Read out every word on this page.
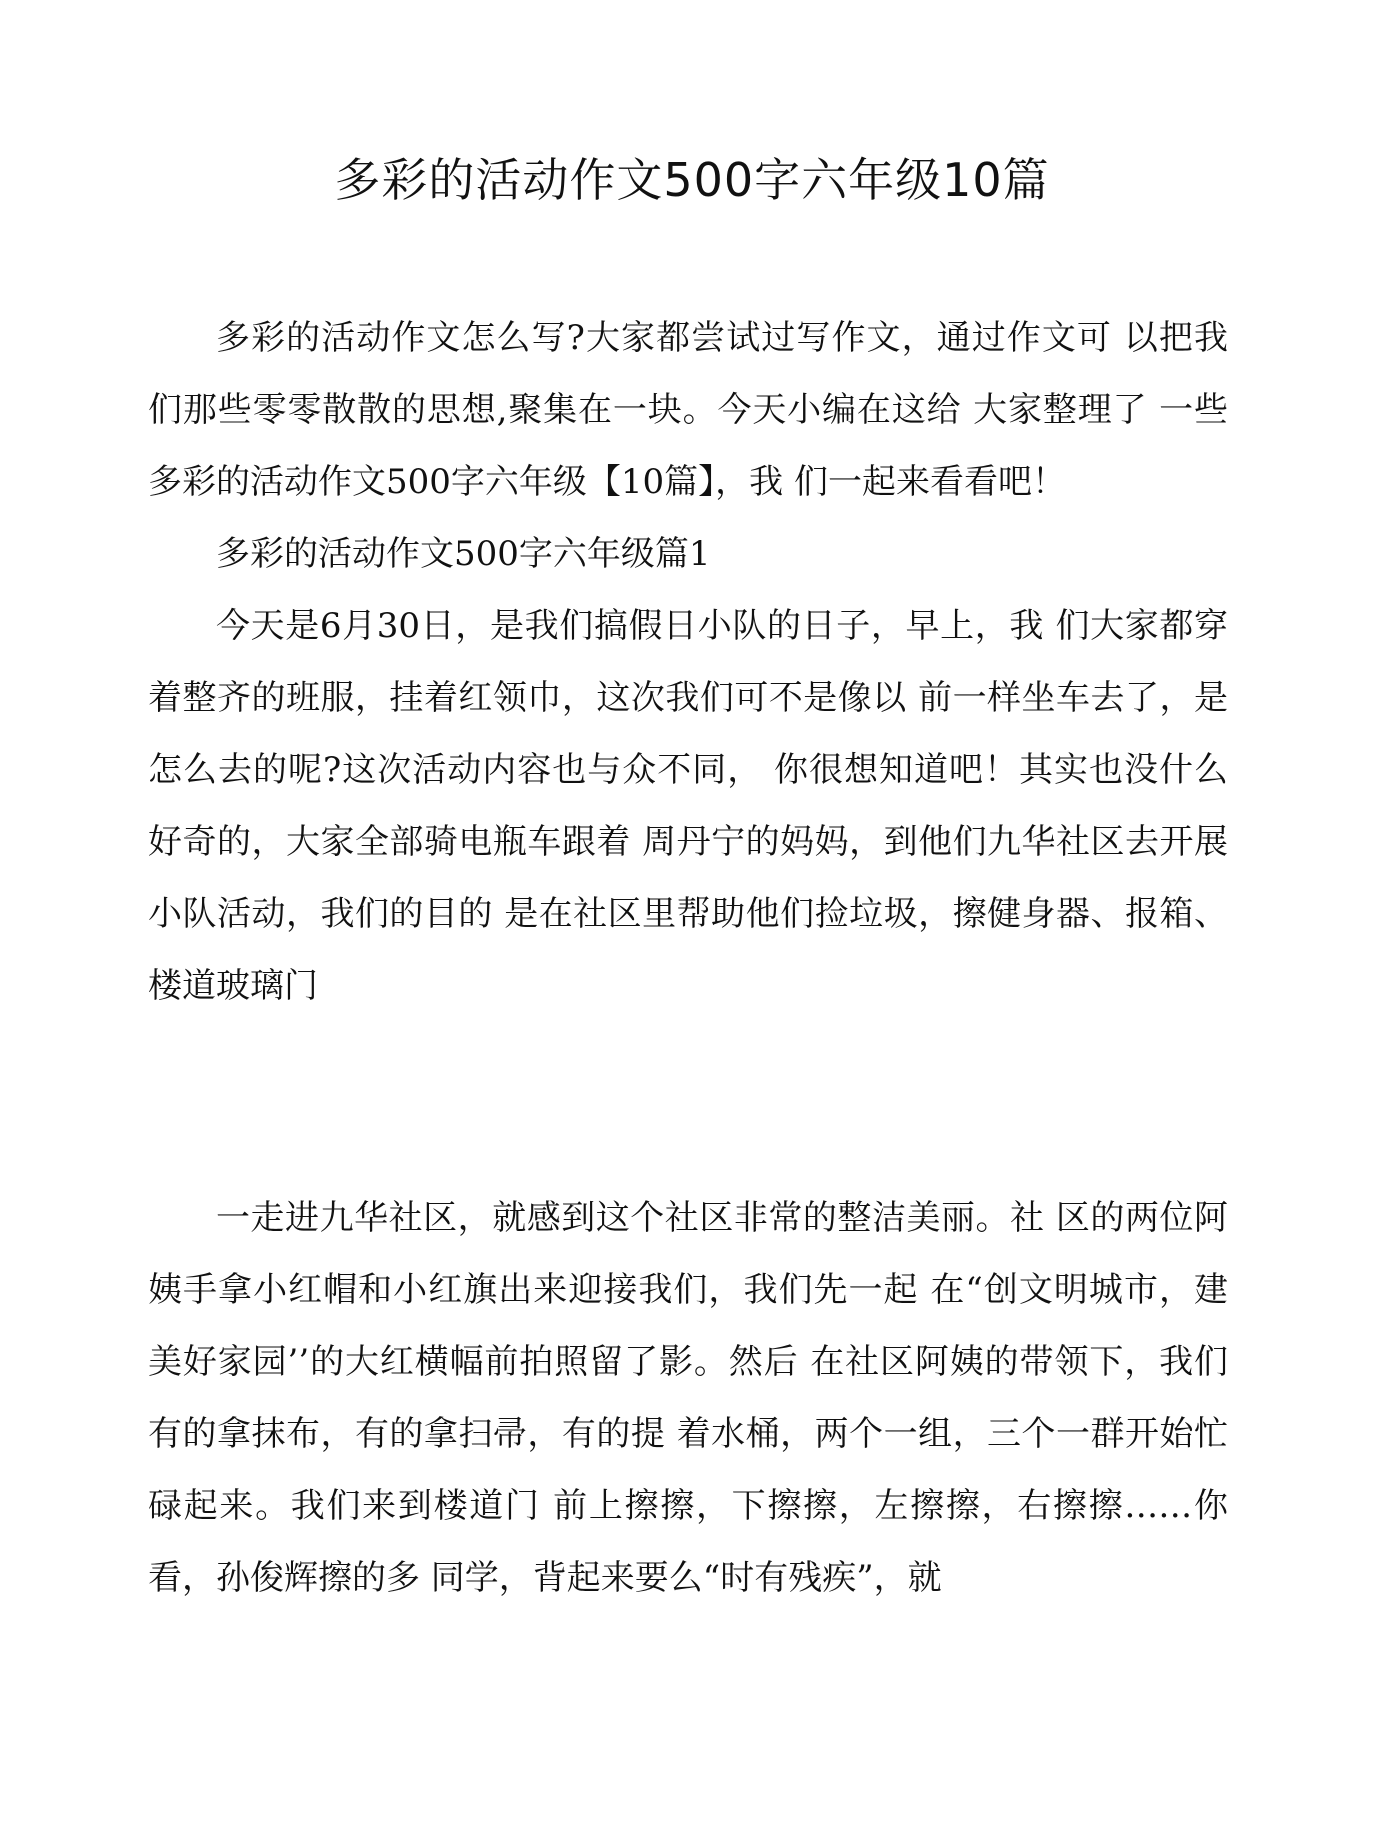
多彩的活动作文500字六年级10篇

多彩的活动作文怎么写?大家都尝试过写作文，通过作文可 以把我们那些零零散散的思想,聚集在一块。今天小编在这给 大家整理了 一些多彩的活动作文500字六年级【10篇】，我 们一起来看看吧！

多彩的活动作文500字六年级篇1

今天是6月30日，是我们搞假日小队的日子，早上，我 们大家都穿着整齐的班服，挂着红领巾，这次我们可不是像以 前一样坐车去了，是怎么去的呢?这次活动内容也与众不同， 你很想知道吧！其实也没什么好奇的，大家全部骑电瓶车跟着 周丹宁的妈妈，到他们九华社区去开展小队活动，我们的目的 是在社区里帮助他们捡垃圾，擦健身器、报箱、楼道玻璃门

一走进九华社区，就感到这个社区非常的整洁美丽。社 区的两位阿姨手拿小红帽和小红旗出来迎接我们，我们先一起 在“创文明城市，建美好家园’’的大红横幅前拍照留了影。然后 在社区阿姨的带领下，我们有的拿抹布，有的拿扫帚，有的提 着水桶，两个一组，三个一群开始忙碌起来。我们来到楼道门 前上擦擦，下擦擦，左擦擦，右擦擦……你看，孙俊辉擦的多 同学，背起来要么“时有残疾”，就
